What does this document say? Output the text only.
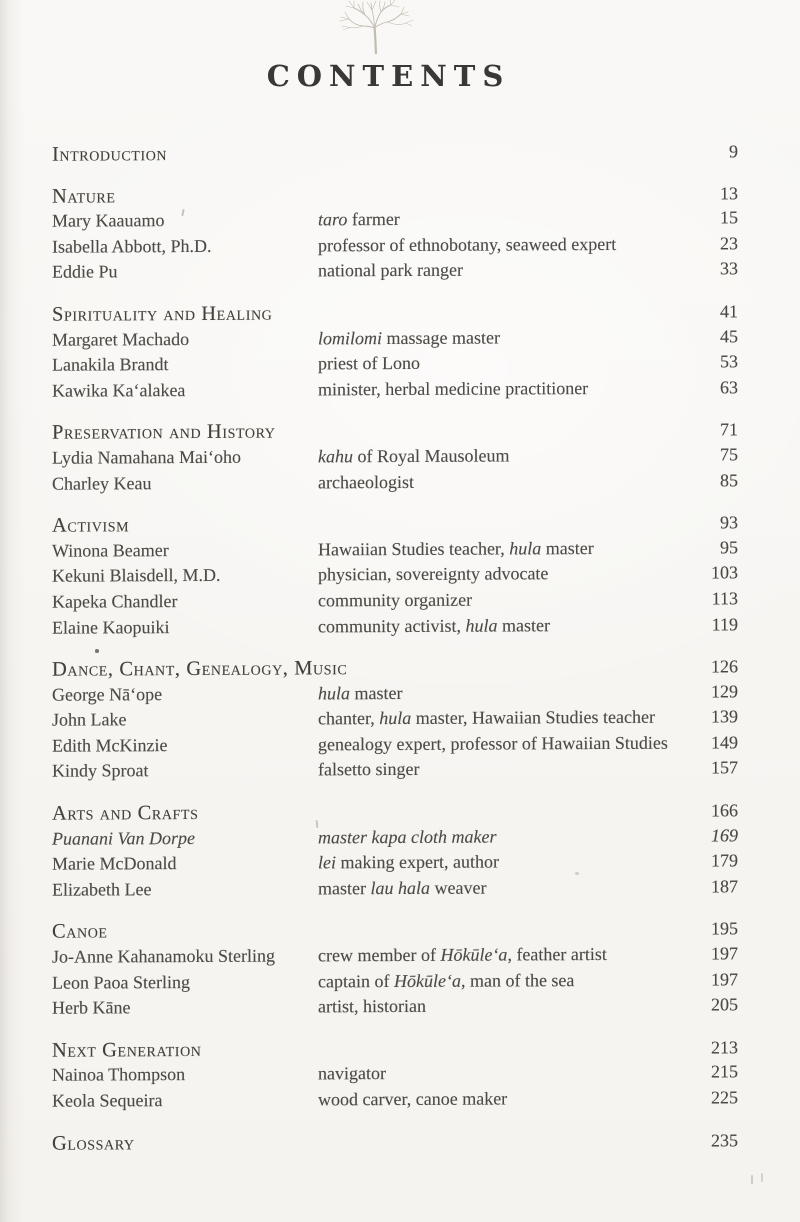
CONTENTS
Introduction	9
Nature	13
Mary Kaauamo	taro farmer	15
Isabella Abbott, Ph.D.	professor of ethnobotany, seaweed expert	23
Eddie Pu	national park ranger	33
Spirituality and Healing	41
Margaret Machado	lomilomi massage master	45
Lanakila Brandt	priest of Lono	53
Kawika Kaʻalakea	minister, herbal medicine practitioner	63
Preservation and History	71
Lydia Namahana Maiʻoho	kahu of Royal Mausoleum	75
Charley Keau	archaeologist	85
Activism	93
Winona Beamer	Hawaiian Studies teacher, hula master	95
Kekuni Blaisdell, M.D.	physician, sovereignty advocate	103
Kapeka Chandler	community organizer	113
Elaine Kaopuiki	community activist, hula master	119
Dance, Chant, Genealogy, Music	126
George Nāʻope	hula master	129
John Lake	chanter, hula master, Hawaiian Studies teacher	139
Edith McKinzie	genealogy expert, professor of Hawaiian Studies	149
Kindy Sproat	falsetto singer	157
Arts and Crafts	166
Puanani Van Dorpe	master kapa cloth maker	169
Marie McDonald	lei making expert, author	179
Elizabeth Lee	master lau hala weaver	187
Canoe	195
Jo-Anne Kahanamoku Sterling	crew member of Hōkūleʻa, feather artist	197
Leon Paoa Sterling	captain of Hōkūleʻa, man of the sea	197
Herb Kāne	artist, historian	205
Next Generation	213
Nainoa Thompson	navigator	215
Keola Sequeira	wood carver, canoe maker	225
Glossary	235
